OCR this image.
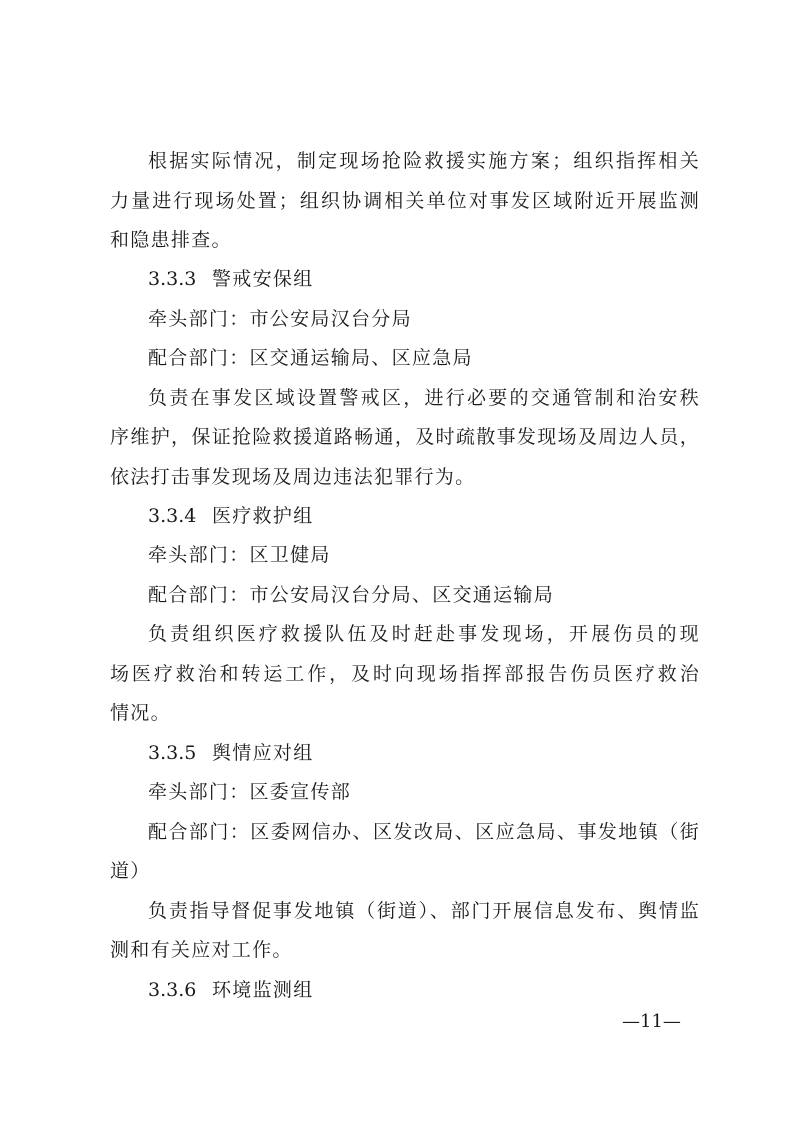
根据实际情况，制定现场抢险救援实施方案；组织指挥相关
力量进行现场处置；组织协调相关单位对事发区域附近开展监测
和隐患排查。
3.3.3 警戒安保组
牵头部门：市公安局汉台分局
配合部门：区交通运输局、区应急局
负责在事发区域设置警戒区，进行必要的交通管制和治安秩
序维护，保证抢险救援道路畅通，及时疏散事发现场及周边人员，
依法打击事发现场及周边违法犯罪行为。
3.3.4 医疗救护组
牵头部门：区卫健局
配合部门：市公安局汉台分局、区交通运输局
负责组织医疗救援队伍及时赶赴事发现场，开展伤员的现
场医疗救治和转运工作，及时向现场指挥部报告伤员医疗救治
情况。
3.3.5 舆情应对组
牵头部门：区委宣传部
配合部门：区委网信办、区发改局、区应急局、事发地镇（街
道）
负责指导督促事发地镇（街道）、部门开展信息发布、舆情监
测和有关应对工作。
3.3.6 环境监测组
—11—
